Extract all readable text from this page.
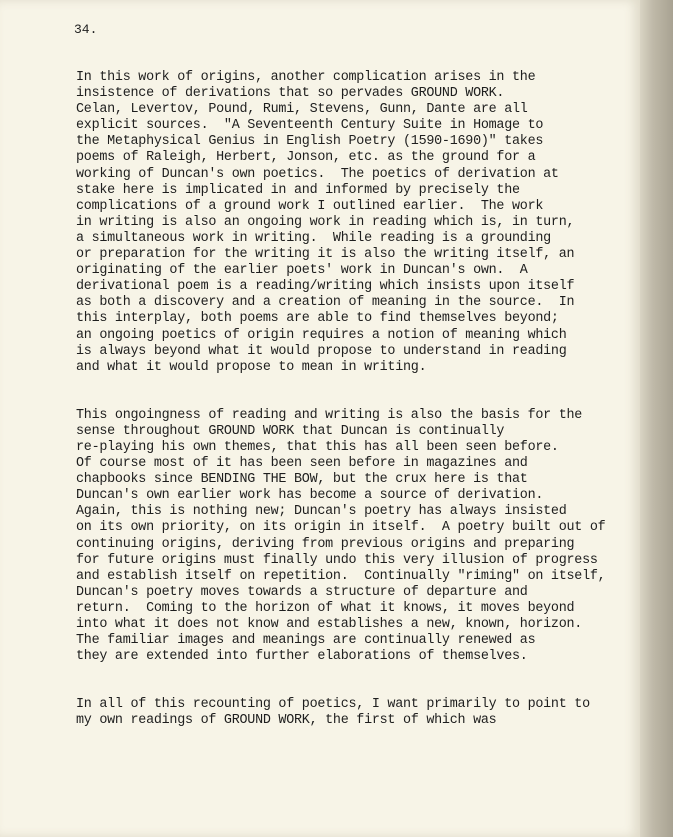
34.

In this work of origins, another complication arises in the
insistence of derivations that so pervades GROUND WORK.
Celan, Levertov, Pound, Rumi, Stevens, Gunn, Dante are all
explicit sources.  "A Seventeenth Century Suite in Homage to
the Metaphysical Genius in English Poetry (1590-1690)" takes
poems of Raleigh, Herbert, Jonson, etc. as the ground for a
working of Duncan's own poetics.  The poetics of derivation at
stake here is implicated in and informed by precisely the
complications of a ground work I outlined earlier.  The work
in writing is also an ongoing work in reading which is, in turn,
a simultaneous work in writing.  While reading is a grounding
or preparation for the writing it is also the writing itself, an
originating of the earlier poets' work in Duncan's own.  A
derivational poem is a reading/writing which insists upon itself
as both a discovery and a creation of meaning in the source.  In
this interplay, both poems are able to find themselves beyond;
an ongoing poetics of origin requires a notion of meaning which
is always beyond what it would propose to understand in reading
and what it would propose to mean in writing.
This ongoingness of reading and writing is also the basis for the
sense throughout GROUND WORK that Duncan is continually
re-playing his own themes, that this has all been seen before.
Of course most of it has been seen before in magazines and
chapbooks since BENDING THE BOW, but the crux here is that
Duncan's own earlier work has become a source of derivation.
Again, this is nothing new; Duncan's poetry has always insisted
on its own priority, on its origin in itself.  A poetry built out of
continuing origins, deriving from previous origins and preparing
for future origins must finally undo this very illusion of progress
and establish itself on repetition.  Continually "riming" on itself,
Duncan's poetry moves towards a structure of departure and
return.  Coming to the horizon of what it knows, it moves beyond
into what it does not know and establishes a new, known, horizon.
The familiar images and meanings are continually renewed as
they are extended into further elaborations of themselves.
In all of this recounting of poetics, I want primarily to point to
my own readings of GROUND WORK, the first of which was
